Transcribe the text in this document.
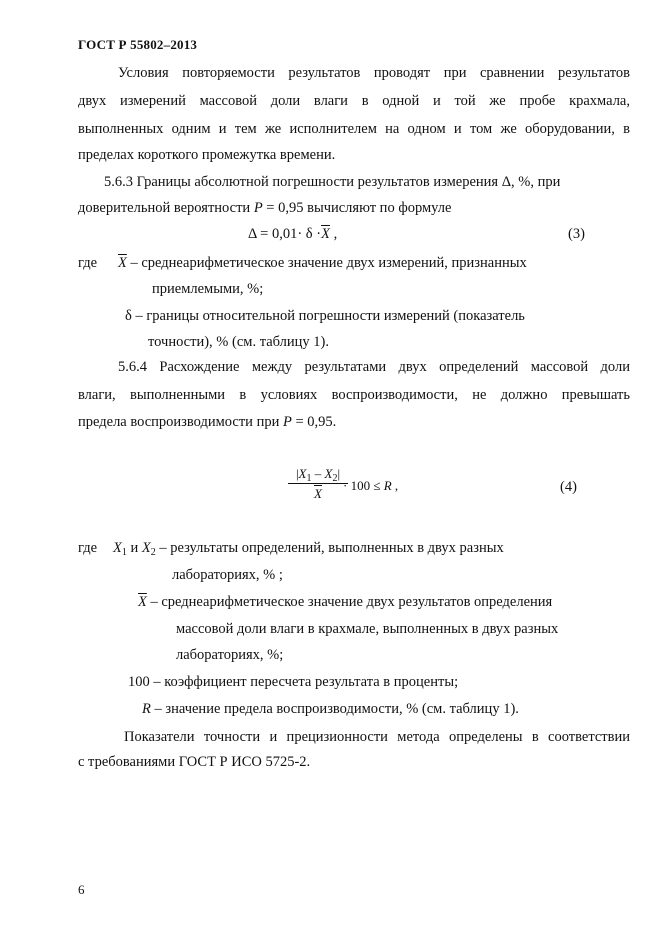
ГОСТ Р 55802–2013
Условия повторяемости результатов проводят при сравнении результатов
двух измерений массовой доли влаги в одной и той же пробе крахмала,
выполненных одним и тем же исполнителем на одном и том же оборудовании, в
пределах короткого промежутка времени.
5.6.3 Границы абсолютной погрешности результатов измерения Δ, %, при
доверительной вероятности P = 0,95 вычисляют по формуле
$\Delta = 0,01\cdot \delta \cdot\overline{X}$ ,	(3)
где $\overline{X}$ – среднеарифметическое значение двух измерений, признанных
приемлемыми, %;
δ – границы относительной погрешности измерений (показатель
точности), % (см. таблицу 1).
5.6.4 Расхождение между результатами двух определений массовой доли
влаги, выполненными в условиях воспроизводимости, не должно превышать
предела воспроизводимости при P = 0,95.
$\frac{|X_1 - X_2|}{X}$
· 100 ≤ R ,	(4)
где $X_1$ и $X_2$ – результаты определений, выполненных в двух разных
лабораториях, % ;
$\overline{X}$ – среднеарифметическое значение двух результатов определения
массовой доли влаги в крахмале, выполненных в двух разных
лабораториях, %;
100 – коэффициент пересчета результата в проценты;
R – значение предела воспроизводимости, % (см. таблицу 1).
Показатели точности и прецизионности метода определены в соответствии
с требованиями ГОСТ Р ИСО 5725-2.
6
